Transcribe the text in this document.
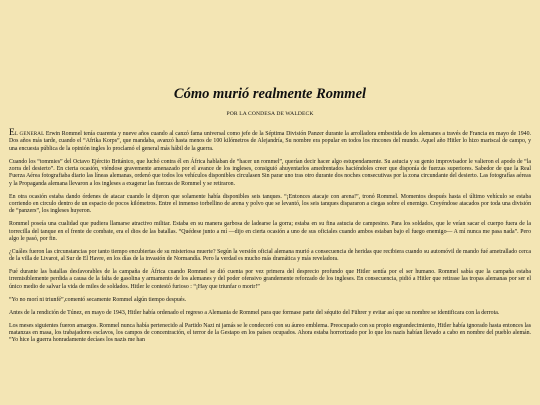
Cómo murió realmente Rommel

POR LA CONDESA DE WALDECK

EL GENERAL Erwin Rommel tenía cuarenta y nueve años cuando al canzó fama universal como jefe de la Séptima División Panzer durante la arrolladora embestida de los alemanes a través de Francia en mayo de 1940. Dos años más tarde, cuando el “Afrika Korps”, que mandaba, avanzó hasta menos de 100 kilómetros de Alejandría, Su nombre era popular en todos los rincones del mundo. Aquel año Hitler lo hizo mariscal de campo, y una encuesta pública de la opinión ingles lo proclamó el general más hábil de la guerra.

Cuando los “tommies” del Octavo Ejército Británico, que luchó contra él en África hablaban de “hacer un rommel”, querían decir hacer algo estupendamente. Su astucia y su genio improvisador le valieron el apodo de “la zorra del desierto”. En cierta ocasión, viéndose gravemente amenazado por el avance de los ingleses, consiguió ahuyentarlos amedrentados haciéndoles creer que disponía de fuerzas superiores. Sabedor de que la Real Fuerza Aérea fotografiaba diario las líneas alemanas, ordenó que todos los vehículos disponibles circulasen Sin parar uno tras otro durante dos noches consecutivas por la zona circundante del desierto. Las fotografías aéreas y la Propaganda alemana llevaron a los ingleses a exagerar las fuerzas de Rommel y se retiraron.

En otra ocasión estaba dando órdenes de atacar cuando le dijeron que solamente había disponibles seis tanques. “¡Entonces atacaje con arena!”, tronó Rommel. Momentos después hasta el último vehículo se estaba corriendo en circulo dentro de un espacio de pocos kilómetros. Entre el inmenso torbellino de arena y polvo que se levantó, los seis tanques dispararon a ciegas sobre el enemigo. Creyéndose atacados por toda una división de “panzers”, los ingleses huyeron.

Rommel poseía una cualidad que pudiera llamarse atractivo militar. Estaba en su manera garbosa de ladearse la gorra; estaba en su fina astucia de campesino. Para los soldados, que le veían sacar el cuerpo fuera de la torrecilla del tanque en el frente de combate, era el dios de las batallas. “Quédese junto a mí —dijo en cierta ocasión a uno de sus oficiales cuando ambos estaban bajo el fuego enemigo— A mí nunca me pasa nada”. Pero algo le pasó, por fin.

¿Cuáles fueron las circunstancias por tanto tiempo encubiertas de su misteriosa muerte? Según la versión oficial alemana murió a consecuencia de heridas que recibiera cuando su automóvil de mando fué ametrallado cerca de la villa de Livarot, al Sur de El Havre, en los días de la invasión de Normandía. Pero la verdad es mucho más dramática y más reveladora.

Fué durante las batallas desfavorables de la campaña de África cuando Rommel se dió cuenta por vez primera del desprecio profundo que Hitler sentía por el ser humano. Rommel sabía que la campaña estaba irremisiblemente perdida a causa de la falta de gasolina y armamento de los alemanes y del poder ofensivo grandemente reforzado de los ingleses. En consecuencia, pidió a Hitler que retirase las tropas alemanas por ser el único medio de salvar la vida de miles de soldados. Hitler le contestó furioso : “¡Hay que triunfar o morir!”

“Yo no morí ni triunfé”,comentó secamente Rommel algún tiempo después.

Antes de la rendición de Túnez, en mayo de 1943, Hitler había ordenado el regreso a Alemania de Rommel para que formase parte del séquito del Führer y evitar así que su nombre se identificara con la derrota.

Los meses siguientes fueron amargos. Rommel nunca había pertenecido al Partido Nazi ni jamás se le condecoró con su áureo emblema. Preocupado con su propio engrandecimiento, Hitler había ignorado hasta entonces las matanzas en masa, los trabajadores esclavos, los campos de concentración, el terror de la Gestapo en los países ocupados. Ahora estaba horrorizado por lo que los nazis habían llevado a cabo en nombre del pueblo alemán. “Yo hice la guerra honradamente decíaes los nazis me han
